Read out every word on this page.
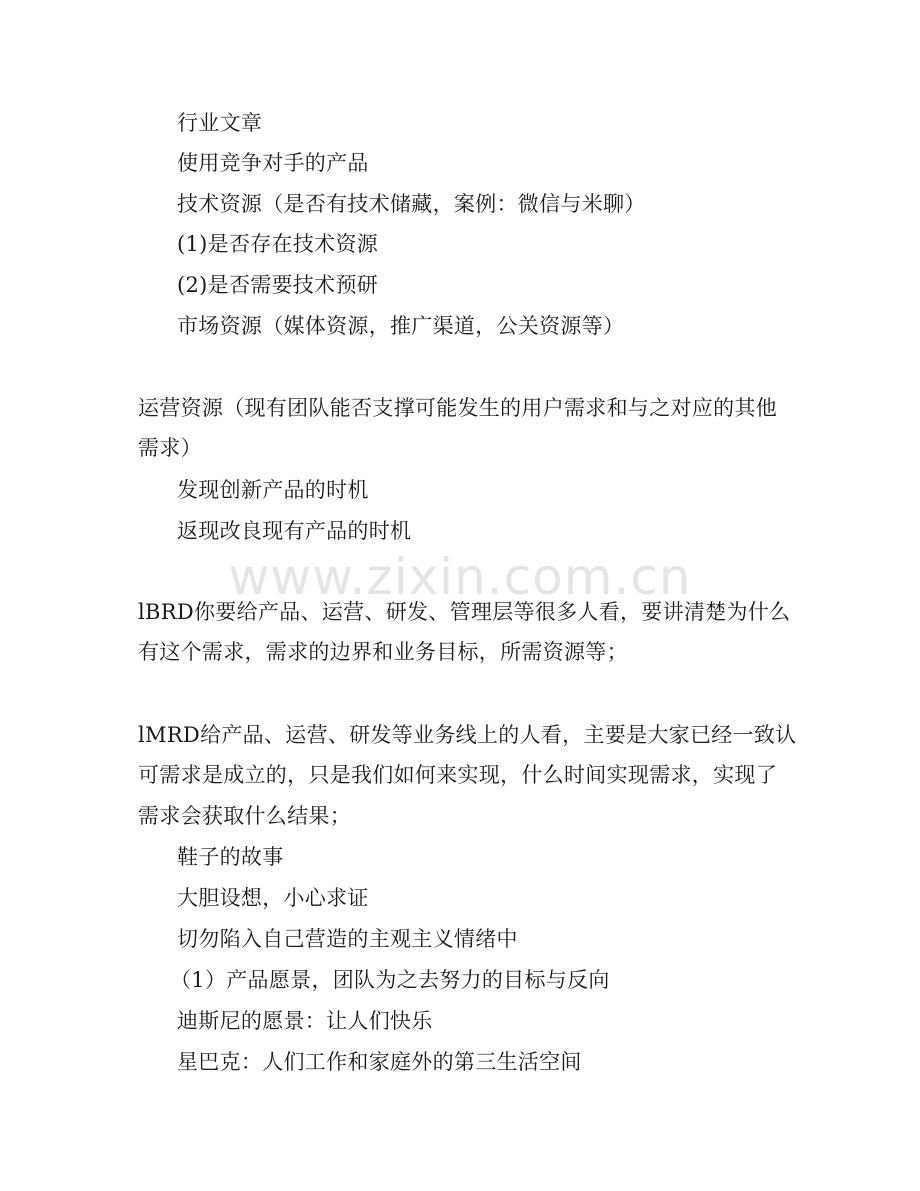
www.zixin.com.cn
行业文章
使用竞争对手的产品
技术资源（是否有技术储藏，案例：微信与米聊）
(1)是否存在技术资源
(2)是否需要技术预研
市场资源（媒体资源，推广渠道，公关资源等）
运营资源（现有团队能否支撑可能发生的用户需求和与之对应的其他
需求）
发现创新产品的时机
返现改良现有产品的时机
lBRD你要给产品、运营、研发、管理层等很多人看，要讲清楚为什么
有这个需求，需求的边界和业务目标，所需资源等；
lMRD给产品、运营、研发等业务线上的人看，主要是大家已经一致认
可需求是成立的，只是我们如何来实现，什么时间实现需求，实现了
需求会获取什么结果；
鞋子的故事
大胆设想，小心求证
切勿陷入自己营造的主观主义情绪中
（1）产品愿景，团队为之去努力的目标与反向
迪斯尼的愿景：让人们快乐
星巴克：人们工作和家庭外的第三生活空间
